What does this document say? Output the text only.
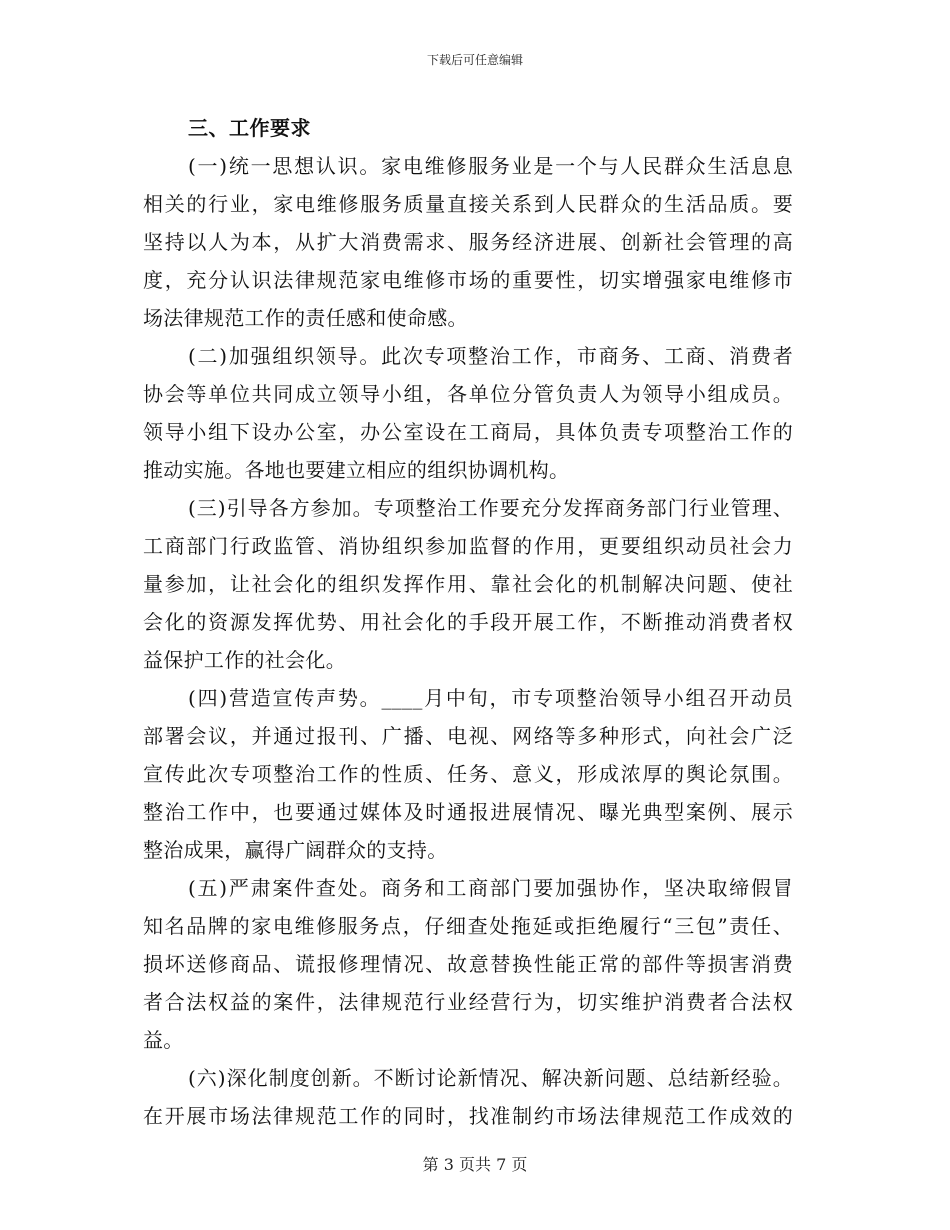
下载后可任意编辑
三、工作要求
(一)统一思想认识。家电维修服务业是一个与人民群众生活息息
相关的行业，家电维修服务质量直接关系到人民群众的生活品质。要
坚持以人为本，从扩大消费需求、服务经济进展、创新社会管理的高
度，充分认识法律规范家电维修市场的重要性，切实增强家电维修市
场法律规范工作的责任感和使命感。
(二)加强组织领导。此次专项整治工作，市商务、工商、消费者
协会等单位共同成立领导小组，各单位分管负责人为领导小组成员。
领导小组下设办公室，办公室设在工商局，具体负责专项整治工作的
推动实施。各地也要建立相应的组织协调机构。
(三)引导各方参加。专项整治工作要充分发挥商务部门行业管理、
工商部门行政监管、消协组织参加监督的作用，更要组织动员社会力
量参加，让社会化的组织发挥作用、靠社会化的机制解决问题、使社
会化的资源发挥优势、用社会化的手段开展工作，不断推动消费者权
益保护工作的社会化。
(四)营造宣传声势。____月中旬，市专项整治领导小组召开动员
部署会议，并通过报刊、广播、电视、网络等多种形式，向社会广泛
宣传此次专项整治工作的性质、任务、意义，形成浓厚的舆论氛围。
整治工作中，也要通过媒体及时通报进展情况、曝光典型案例、展示
整治成果，赢得广阔群众的支持。
(五)严肃案件查处。商务和工商部门要加强协作，坚决取缔假冒
知名品牌的家电维修服务点，仔细查处拖延或拒绝履行“三包”责任、
损坏送修商品、谎报修理情况、故意替换性能正常的部件等损害消费
者合法权益的案件，法律规范行业经营行为，切实维护消费者合法权
益。
(六)深化制度创新。不断讨论新情况、解决新问题、总结新经验。
在开展市场法律规范工作的同时，找准制约市场法律规范工作成效的
第 3 页共 7 页
